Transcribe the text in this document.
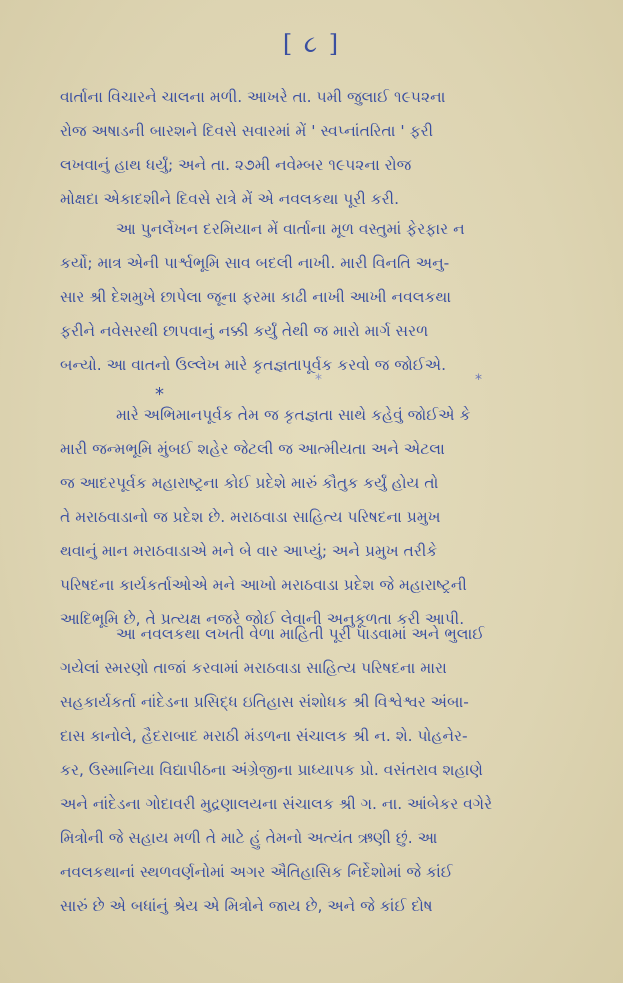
[ ૮ ]
વાર્તાના વિચારને ચાલના મળી. આખરે તા. ૫મી જુલાઈ ૧૯૫૨ના
રોજ અષાડની બારશને દિવસે સવારમાં મેં ' સ્વપ્નાંતરિતા ' ફરી
લખવાનું હાથ ધર્યું; અને તા. ૨૭મી નવેમ્બર ૧૯૫૨ના રોજ
મોક્ષદા એકાદશીને દિવસે રાત્રે મેં એ નવલકથા પૂરી કરી.
આ પુનર્લેખન દરમિયાન મેં વાર્તાના મૂળ વસ્તુમાં ફેરફાર ન
કર્યો; માત્ર એની પાર્શ્વભૂમિ સાવ બદલી નાખી. મારી વિનતિ અનુ-
સાર શ્રી દેશમુખે છાપેલા જૂના ફરમા કાઢી નાખી આખી નવલકથા
ફરીને નવેસરથી છાપવાનું નક્કી કર્યું તેથી જ મારો માર્ગ સરળ
બન્યો. આ વાતનો ઉલ્લેખ મારે કૃતજ્ઞતાપૂર્વક કરવો જ જોઈએ.
*
*	*
મારે અભિમાનપૂર્વક તેમ જ કૃતજ્ઞતા સાથે કહેવું જોઈએ કે
મારી જન્મભૂમિ મુંબઈ શહેર જેટલી જ આત્મીયતા અને એટલા
જ આદરપૂર્વક મહારાષ્ટ્રના કોઈ પ્રદેશે મારું કૌતુક કર્યું હોય તો
તે મરાઠવાડાનો જ પ્રદેશ છે. મરાઠવાડા સાહિત્ય પરિષદના પ્રમુખ
થવાનું માન મરાઠવાડાએ મને બે વાર આપ્યું; અને પ્રમુખ તરીકે
પરિષદના કાર્યકર્તાઓએ મને આખો મરાઠવાડા પ્રદેશ જે મહારાષ્ટ્રની
આદિભૂમિ છે, તે પ્રત્યક્ષ નજરે જોઈ લેવાની અનુકૂળતા કરી આપી.
આ નવલકથા લખતી વેળા માહિતી પૂરી પાડવામાં અને ભુલાઈ
ગયેલાં સ્મરણો તાજાં કરવામાં મરાઠવાડા સાહિત્ય પરિષદના મારા
સહકાર્યકર્તા નાંદેડના પ્રસિદ્ધ ઇતિહાસ સંશોધક શ્રી વિશ્વેશ્વર અંબા-
દાસ કાનોલે, હૈદરાબાદ મરાઠી મંડળના સંચાલક શ્રી ન. શે. પોહનેર-
કર, ઉસ્માનિયા વિદ્યાપીઠના અંગ્રેજીના પ્રાધ્યાપક પ્રો. વસંતરાવ શહાણે
અને નાંદેડના ગોદાવરી મુદ્રણાલયના સંચાલક શ્રી ગ. ના. આંબેકર વગેરે
મિત્રોની જે સહાય મળી તે માટે હું તેમનો અત્યંત ઋણી છું. આ
નવલકથાનાં સ્થળવર્ણનોમાં અગર ઐતિહાસિક નિર્દેશોમાં જે કાંઈ
સારું છે એ બધાંનું શ્રેય એ મિત્રોને જાય છે, અને જે કાંઈ દોષ
